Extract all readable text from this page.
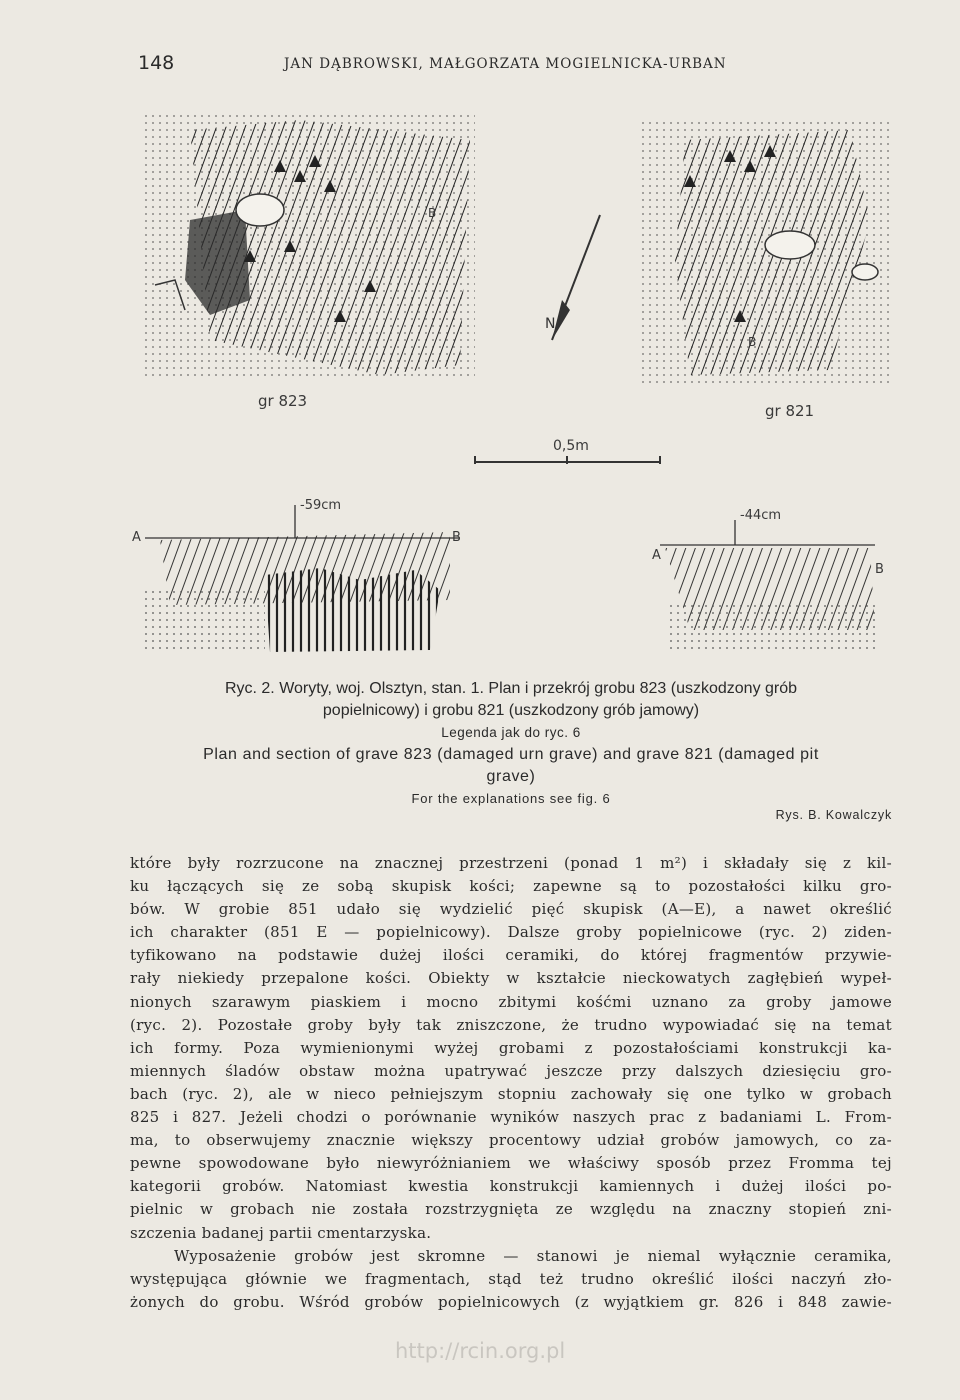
148	JAN DĄBROWSKI, MAŁGORZATA MOGIELNICKA-URBAN
N
gr 823
gr 821
0,5m
B
B
A	B
-59cm
A
B
-44cm
Ryc. 2. Woryty, woj. Olsztyn, stan. 1. Plan i przekrój grobu 823 (uszkodzony grób
popielnicowy) i grobu 821 (uszkodzony grób jamowy)
Legenda jak do ryc. 6
Plan and section of grave 823 (damaged urn grave) and grave 821 (damaged pit
grave)
For the explanations see fig. 6
Rys. B. Kowalczyk
które były rozrzucone na znacznej przestrzeni (ponad 1 m²) i składały się z kil-
ku łączących się ze sobą skupisk kości; zapewne są to pozostałości kilku gro-
bów. W grobie 851 udało się wydzielić pięć skupisk (A—E), a nawet określić
ich charakter (851 E — popielnicowy). Dalsze groby popielnicowe (ryc. 2) ziden-
tyfikowano na podstawie dużej ilości ceramiki, do której fragmentów przywie-
rały niekiedy przepalone kości. Obiekty w kształcie nieckowatych zagłębień wypeł-
nionych szarawym piaskiem i mocno zbitymi kośćmi uznano za groby jamowe
(ryc. 2). Pozostałe groby były tak zniszczone, że trudno wypowiadać się na temat
ich formy. Poza wymienionymi wyżej grobami z pozostałościami konstrukcji ka-
miennych śladów obstaw można upatrywać jeszcze przy dalszych dziesięciu gro-
bach (ryc. 2), ale w nieco pełniejszym stopniu zachowały się one tylko w grobach
825 i 827. Jeżeli chodzi o porównanie wyników naszych prac z badaniami L. From-
ma, to obserwujemy znacznie większy procentowy udział grobów jamowych, co za-
pewne spowodowane było niewyróżnianiem we właściwy sposób przez Fromma tej
kategorii grobów. Natomiast kwestia konstrukcji kamiennych i dużej ilości po-
pielnic w grobach nie została rozstrzygnięta ze względu na znaczny stopień zni-
szczenia badanej partii cmentarzyska.
Wyposażenie grobów jest skromne — stanowi je niemal wyłącznie ceramika,
występująca głównie we fragmentach, stąd też trudno określić ilości naczyń zło-
żonych do grobu. Wśród grobów popielnicowych (z wyjątkiem gr. 826 i 848 zawie-
http://rcin.org.pl
